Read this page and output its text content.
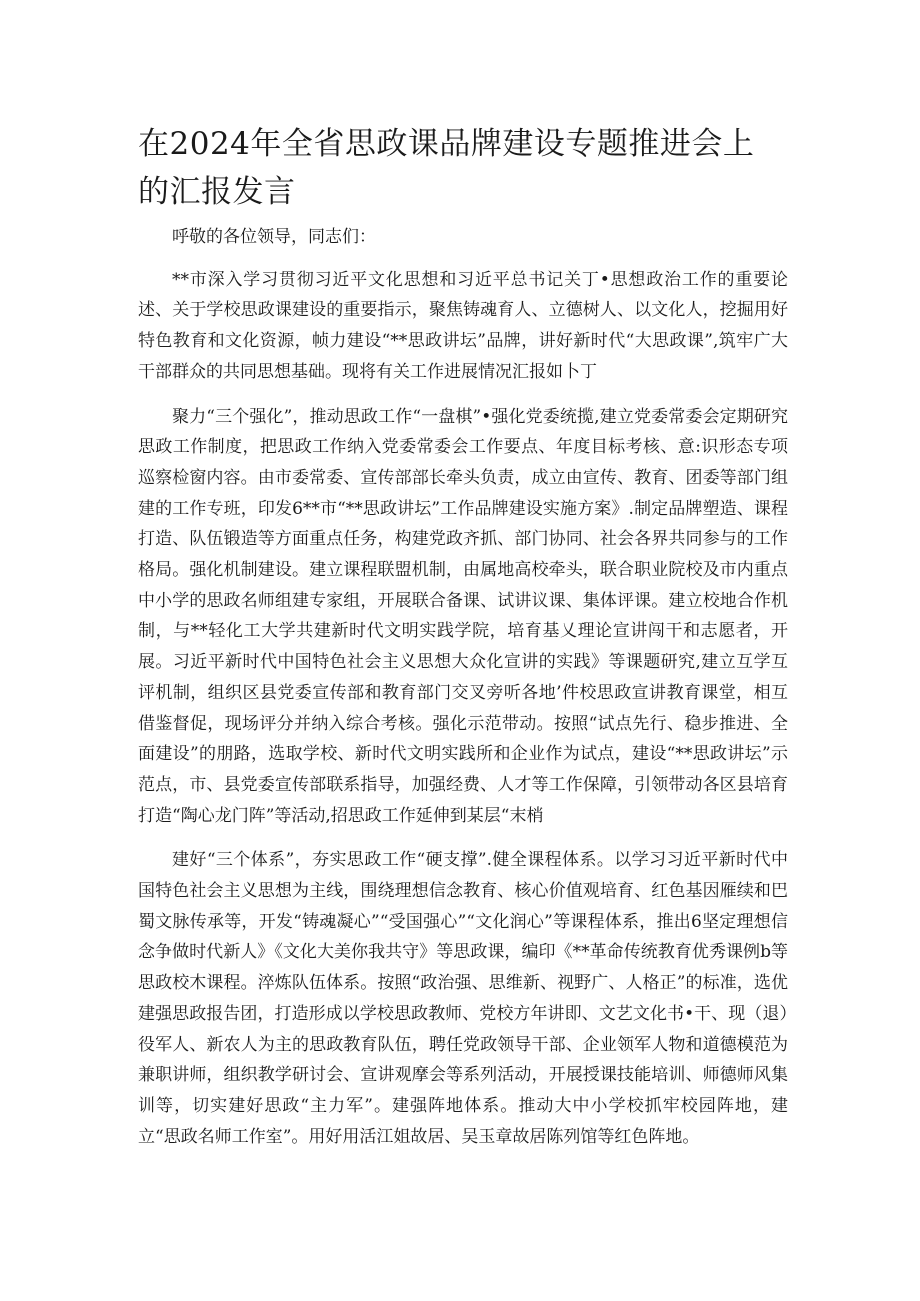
在2024年全省思政课品牌建设专题推进会上的汇报发言

呼敬的各位领导，同志们：

**市深入学习贯彻习近平文化思想和习近平总书记关丁•思想政治工作的重要论述、关于学校思政课建设的重要指示，聚焦铸魂育人、立德树人、以文化人，挖掘用好特色教育和文化资源，帧力建设“**思政讲坛”品牌，讲好新时代“大思政课”,筑牢广大干部群众的共同思想基础。现将有关工作进展情况汇报如卜丁

聚力“三个强化”，推动思政工作“一盘棋”•强化党委统揽,建立党委常委会定期研究思政工作制度，把思政工作纳入党委常委会工作要点、年度目标考核、意:识形态专项巡察检窗内容。由市委常委、宣传部部长牵头负责，成立由宣传、教育、团委等部门组建的工作专班，印发6**市“**思政讲坛”工作品牌建设实施方案》.制定品牌塑造、课程打造、队伍锻造等方面重点任务，构建党政齐抓、部门协同、社会各界共同参与的工作格局。强化机制建设。建立课程联盟机制，由属地高校牵头，联合职业院校及市内重点中小学的思政名师组建专家组，开展联合备课、试讲议课、集体评课。建立校地合作机制，与**轻化工大学共建新时代文明实践学院，培育基乂理论宣讲闯干和志愿者，开展。习近平新时代中国特色社会主义思想大众化宣讲的实践》等课题研究,建立互学互评机制，组织区县党委宣传部和教育部门交叉旁听各地’件校思政宣讲教育课堂，相互借鉴督促，现场评分并纳入综合考核。强化示范带动。按照“试点先行、稳步推进、全面建设”的朋路，选取学校、新时代文明实践所和企业作为试点，建设“**思政讲坛”示范点，市、县党委宣传部联系指导，加强经费、人才等工作保障，引领带动各区县培育打造“陶心龙门阵”等活动,招思政工作延伸到某层“末梢

建好“三个体系”，夯实思政工作“硬支撑”.健全课程体系。以学习习近平新时代中国特色社会主义思想为主线，围绕理想信念教育、核心价值观培育、红色基因雁续和巴蜀文脉传承等，开发“铸魂凝心”“受国强心”“文化润心”等课程体系，推出6坚定理想信念争做时代新人》《文化大美你我共守》等思政课，编印《**革命传统教育优秀课例b等思政校木课程。淬炼队伍体系。按照“政治强、思维新、视野广、人格正”的标准，选优建强思政报告团，打造形成以学校思政教师、党校方年讲即、文艺文化书•干、现（退）役军人、新农人为主的思政教育队伍，聘任党政领导干部、企业领军人物和道德模范为兼职讲师，组织教学研讨会、宣讲观摩会等系列活动，开展授课技能培训、师德师风集训等，切实建好思政“主力军”。建强阵地体系。推动大中小学校抓牢校园阵地，建立“思政名师工作室”。用好用活江姐故居、吴玉章故居陈列馆等红色阵地。
